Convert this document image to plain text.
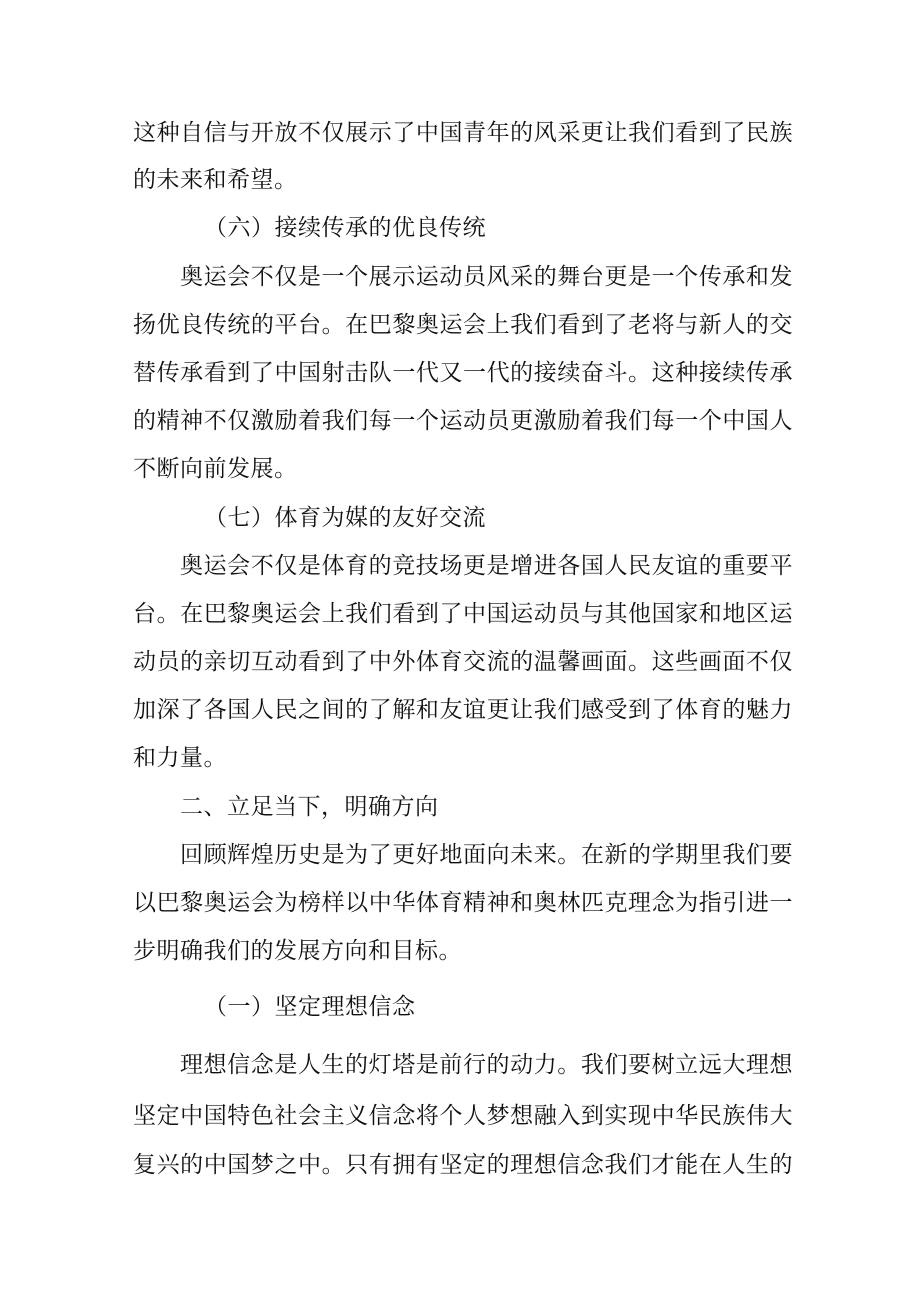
这种自信与开放不仅展示了中国青年的风采更让我们看到了民族
的未来和希望。
（六）接续传承的优良传统
奥运会不仅是一个展示运动员风采的舞台更是一个传承和发
扬优良传统的平台。在巴黎奥运会上我们看到了老将与新人的交
替传承看到了中国射击队一代又一代的接续奋斗。这种接续传承
的精神不仅激励着我们每一个运动员更激励着我们每一个中国人
不断向前发展。
（七）体育为媒的友好交流
奥运会不仅是体育的竞技场更是增进各国人民友谊的重要平
台。在巴黎奥运会上我们看到了中国运动员与其他国家和地区运
动员的亲切互动看到了中外体育交流的温馨画面。这些画面不仅
加深了各国人民之间的了解和友谊更让我们感受到了体育的魅力
和力量。
二、立足当下，明确方向
回顾辉煌历史是为了更好地面向未来。在新的学期里我们要
以巴黎奥运会为榜样以中华体育精神和奥林匹克理念为指引进一
步明确我们的发展方向和目标。
（一）坚定理想信念
理想信念是人生的灯塔是前行的动力。我们要树立远大理想
坚定中国特色社会主义信念将个人梦想融入到实现中华民族伟大
复兴的中国梦之中。只有拥有坚定的理想信念我们才能在人生的
